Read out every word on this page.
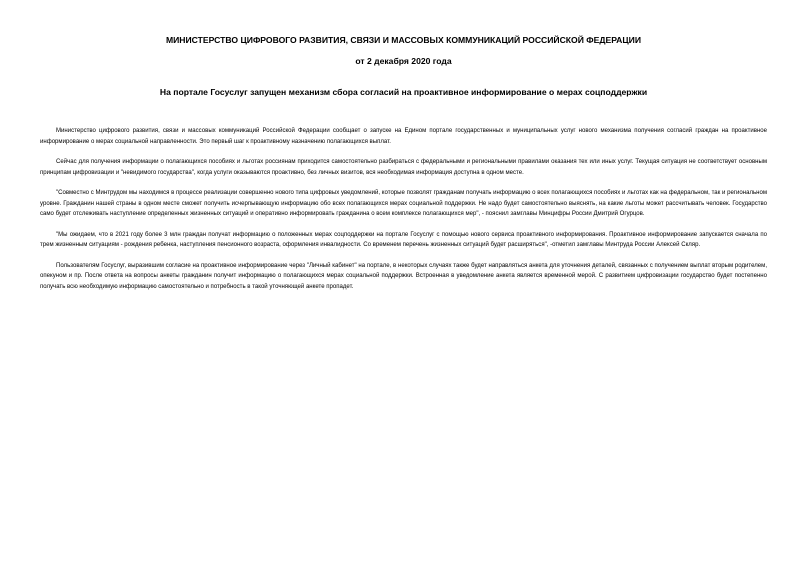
МИНИСТЕРСТВО ЦИФРОВОГО РАЗВИТИЯ, СВЯЗИ И МАССОВЫХ КОММУНИКАЦИЙ РОССИЙСКОЙ ФЕДЕРАЦИИ
от 2 декабря 2020 года
На портале Госуслуг запущен механизм сбора согласий на проактивное информирование о мерах соцподдержки

Министерство цифрового развития, связи и массовых коммуникаций Российской Федерации сообщает о запуске на Едином портале государственных и муниципальных услуг нового механизма получения согласий граждан на проактивное информирование о мерах социальной направленности. Это первый шаг к проактивному назначению полагающихся выплат.

Сейчас для получения информации о полагающихся пособиях и льготах россиянам приходится самостоятельно разбираться с федеральными и региональными правилами оказания тех или иных услуг. Текущая ситуация не соответствует основным принципам цифровизации и "невидимого государства", когда услуги оказываются проактивно, без личных визитов, вся необходимая информация доступна в одном месте.

"Совместно с Минтрудом мы находимся в процессе реализации совершенно нового типа цифровых уведомлений, которые позволят гражданам получать информацию о всех полагающихся пособиях и льготах как на федеральном, так и региональном уровне. Гражданин нашей страны в одном месте сможет получить исчерпывающую информацию обо всех полагающихся мерах социальной поддержки. Не надо будет самостоятельно выяснять, на какие льготы может рассчитывать человек. Государство само будет отслеживать наступление определенных жизненных ситуаций и оперативно информировать гражданина о всем комплексе полагающихся мер", - пояснил замглавы Минцифры России Дмитрий Огурцов.

"Мы ожидаем, что в 2021 году более 3 млн граждан получат информацию о положенных мерах соцподдержки на портале Госуслуг с помощью нового сервиса проактивного информирования. Проактивное информирование запускается сначала по трем жизненным ситуациям - рождения ребенка, наступления пенсионного возраста, оформления инвалидности. Со временем перечень жизненных ситуаций будет расширяться", -отметил замглавы Минтруда России Алексей Скляр.

Пользователям Госуслуг, выразившим согласие на проактивное информирование через "Личный кабинет" на портале, в некоторых случаях также будет направляться анкета для уточнения деталей, связанных с получением выплат вторым родителем, опекуном и пр. После ответа на вопросы анкеты гражданин получит информацию о полагающихся мерах социальной поддержки. Встроенная в уведомление анкета является временной мерой. С развитием цифровизации государство будет постепенно получать всю необходимую информацию самостоятельно и потребность в такой уточняющей анкете пропадет.
